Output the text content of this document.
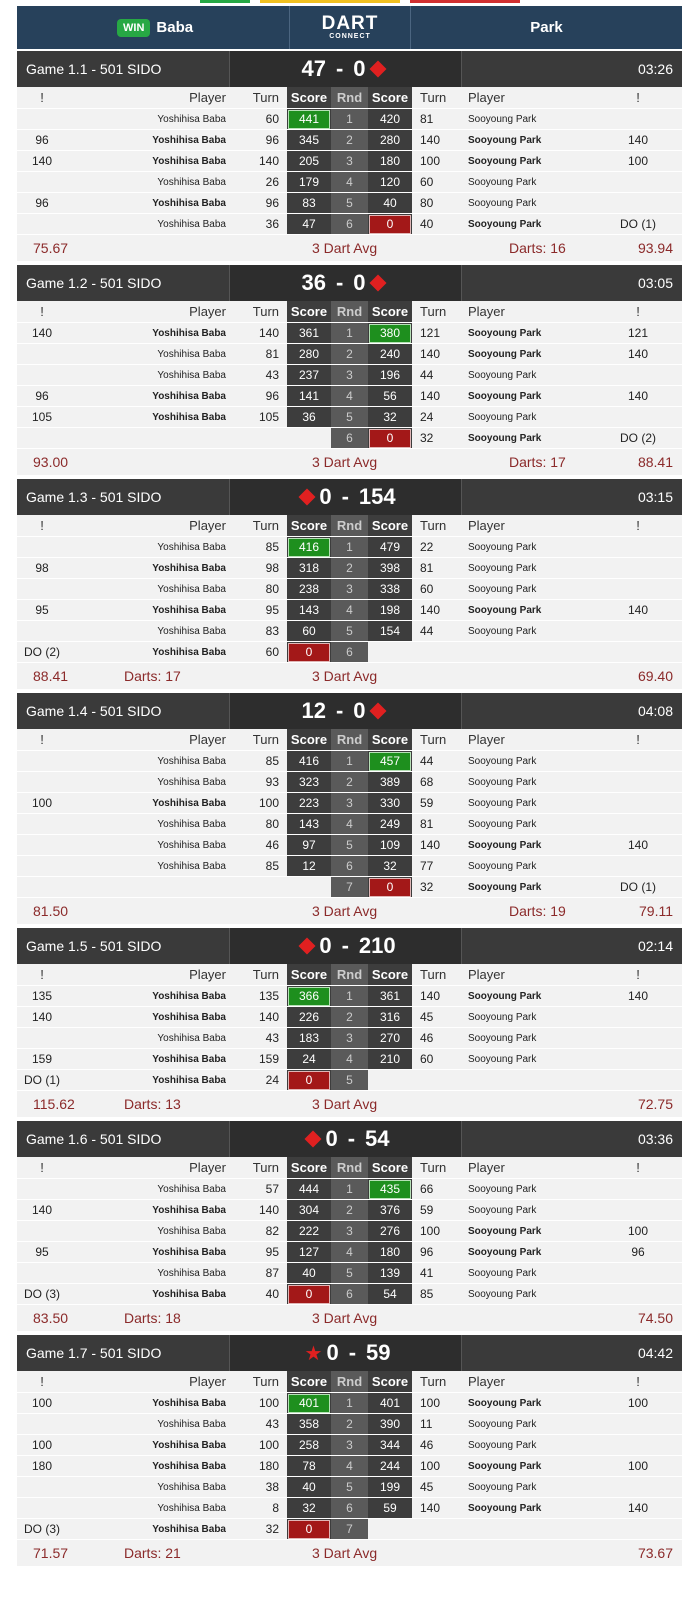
WIN Baba	DART
CONNECT	Park
Game 1.1 - 501 SIDO	47 - 0	03:26
!	Player	Turn	Score	Rnd	Score	Turn	Player	!
	Yoshihisa Baba	60	441	1	420	81	Sooyoung Park	
96	Yoshihisa Baba	96	345	2	280	140	Sooyoung Park	140
140	Yoshihisa Baba	140	205	3	180	100	Sooyoung Park	100
	Yoshihisa Baba	26	179	4	120	60	Sooyoung Park	
96	Yoshihisa Baba	96	83	5	40	80	Sooyoung Park	
	Yoshihisa Baba	36	47	6	0	40	Sooyoung Park	DO (1)
75.67	3 Dart Avg	Darts: 16	93.94
Game 1.2 - 501 SIDO	36 - 0	03:05
!	Player	Turn	Score	Rnd	Score	Turn	Player	!
140	Yoshihisa Baba	140	361	1	380	121	Sooyoung Park	121
	Yoshihisa Baba	81	280	2	240	140	Sooyoung Park	140
	Yoshihisa Baba	43	237	3	196	44	Sooyoung Park	
96	Yoshihisa Baba	96	141	4	56	140	Sooyoung Park	140
105	Yoshihisa Baba	105	36	5	32	24	Sooyoung Park	
				6	0	32	Sooyoung Park	DO (2)
93.00	3 Dart Avg	Darts: 17	88.41
Game 1.3 - 501 SIDO	0 - 154	03:15
!	Player	Turn	Score	Rnd	Score	Turn	Player	!
	Yoshihisa Baba	85	416	1	479	22	Sooyoung Park	
98	Yoshihisa Baba	98	318	2	398	81	Sooyoung Park	
	Yoshihisa Baba	80	238	3	338	60	Sooyoung Park	
95	Yoshihisa Baba	95	143	4	198	140	Sooyoung Park	140
	Yoshihisa Baba	83	60	5	154	44	Sooyoung Park	
DO (2)	Yoshihisa Baba	60	0	6				
88.41	Darts: 17	3 Dart Avg	69.40
Game 1.4 - 501 SIDO	12 - 0	04:08
!	Player	Turn	Score	Rnd	Score	Turn	Player	!
	Yoshihisa Baba	85	416	1	457	44	Sooyoung Park	
	Yoshihisa Baba	93	323	2	389	68	Sooyoung Park	
100	Yoshihisa Baba	100	223	3	330	59	Sooyoung Park	
	Yoshihisa Baba	80	143	4	249	81	Sooyoung Park	
	Yoshihisa Baba	46	97	5	109	140	Sooyoung Park	140
	Yoshihisa Baba	85	12	6	32	77	Sooyoung Park	
				7	0	32	Sooyoung Park	DO (1)
81.50	3 Dart Avg	Darts: 19	79.11
Game 1.5 - 501 SIDO	0 - 210	02:14
!	Player	Turn	Score	Rnd	Score	Turn	Player	!
135	Yoshihisa Baba	135	366	1	361	140	Sooyoung Park	140
140	Yoshihisa Baba	140	226	2	316	45	Sooyoung Park	
	Yoshihisa Baba	43	183	3	270	46	Sooyoung Park	
159	Yoshihisa Baba	159	24	4	210	60	Sooyoung Park	
DO (1)	Yoshihisa Baba	24	0	5				
115.62	Darts: 13	3 Dart Avg	72.75
Game 1.6 - 501 SIDO	0 - 54	03:36
!	Player	Turn	Score	Rnd	Score	Turn	Player	!
	Yoshihisa Baba	57	444	1	435	66	Sooyoung Park	
140	Yoshihisa Baba	140	304	2	376	59	Sooyoung Park	
	Yoshihisa Baba	82	222	3	276	100	Sooyoung Park	100
95	Yoshihisa Baba	95	127	4	180	96	Sooyoung Park	96
	Yoshihisa Baba	87	40	5	139	41	Sooyoung Park	
DO (3)	Yoshihisa Baba	40	0	6	54	85	Sooyoung Park	
83.50	Darts: 18	3 Dart Avg	74.50
Game 1.7 - 501 SIDO	★ 0 - 59	04:42
!	Player	Turn	Score	Rnd	Score	Turn	Player	!
100	Yoshihisa Baba	100	401	1	401	100	Sooyoung Park	100
	Yoshihisa Baba	43	358	2	390	11	Sooyoung Park	
100	Yoshihisa Baba	100	258	3	344	46	Sooyoung Park	
180	Yoshihisa Baba	180	78	4	244	100	Sooyoung Park	100
	Yoshihisa Baba	38	40	5	199	45	Sooyoung Park	
	Yoshihisa Baba	8	32	6	59	140	Sooyoung Park	140
DO (3)	Yoshihisa Baba	32	0	7				
71.57	Darts: 21	3 Dart Avg	73.67
